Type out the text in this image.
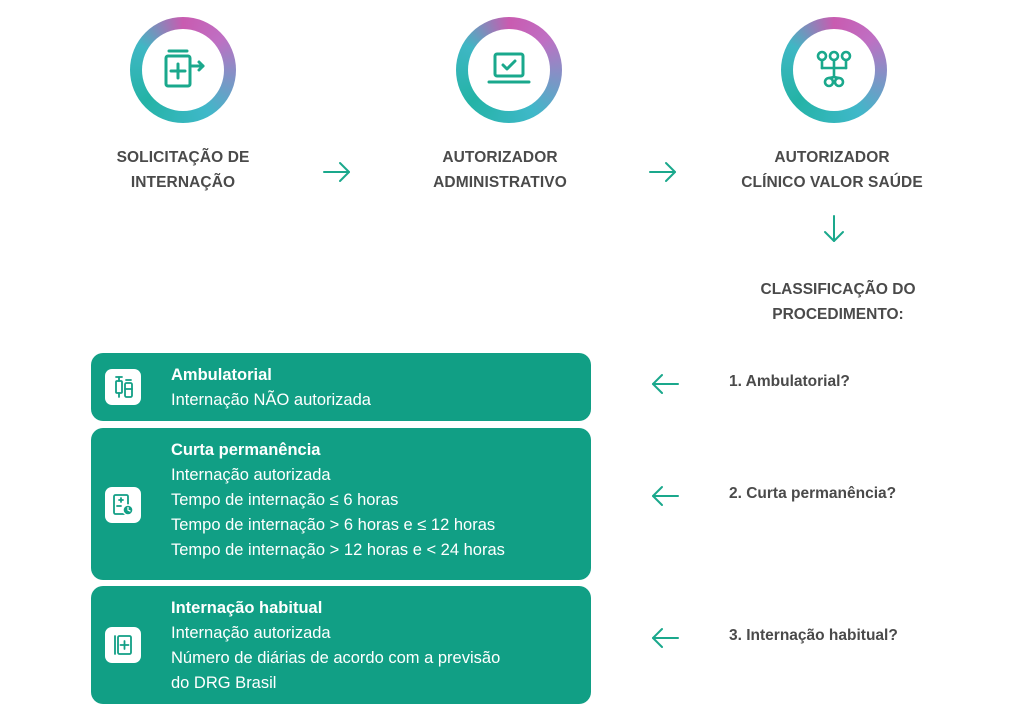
SOLICITAÇÃO DE
INTERNAÇÃO
AUTORIZADOR
ADMINISTRATIVO
AUTORIZADOR
CLÍNICO VALOR SAÚDE
CLASSIFICAÇÃO DO
PROCEDIMENTO:
Ambulatorial
Internação NÃO autorizada
Curta permanência
Internação autorizada
Tempo de internação ≤ 6 horas
Tempo de internação > 6 horas e ≤ 12 horas
Tempo de internação > 12 horas e < 24 horas
Internação habitual
Internação autorizada
Número de diárias de acordo com a previsão
do DRG Brasil
1. Ambulatorial?
2. Curta permanência?
3. Internação habitual?
